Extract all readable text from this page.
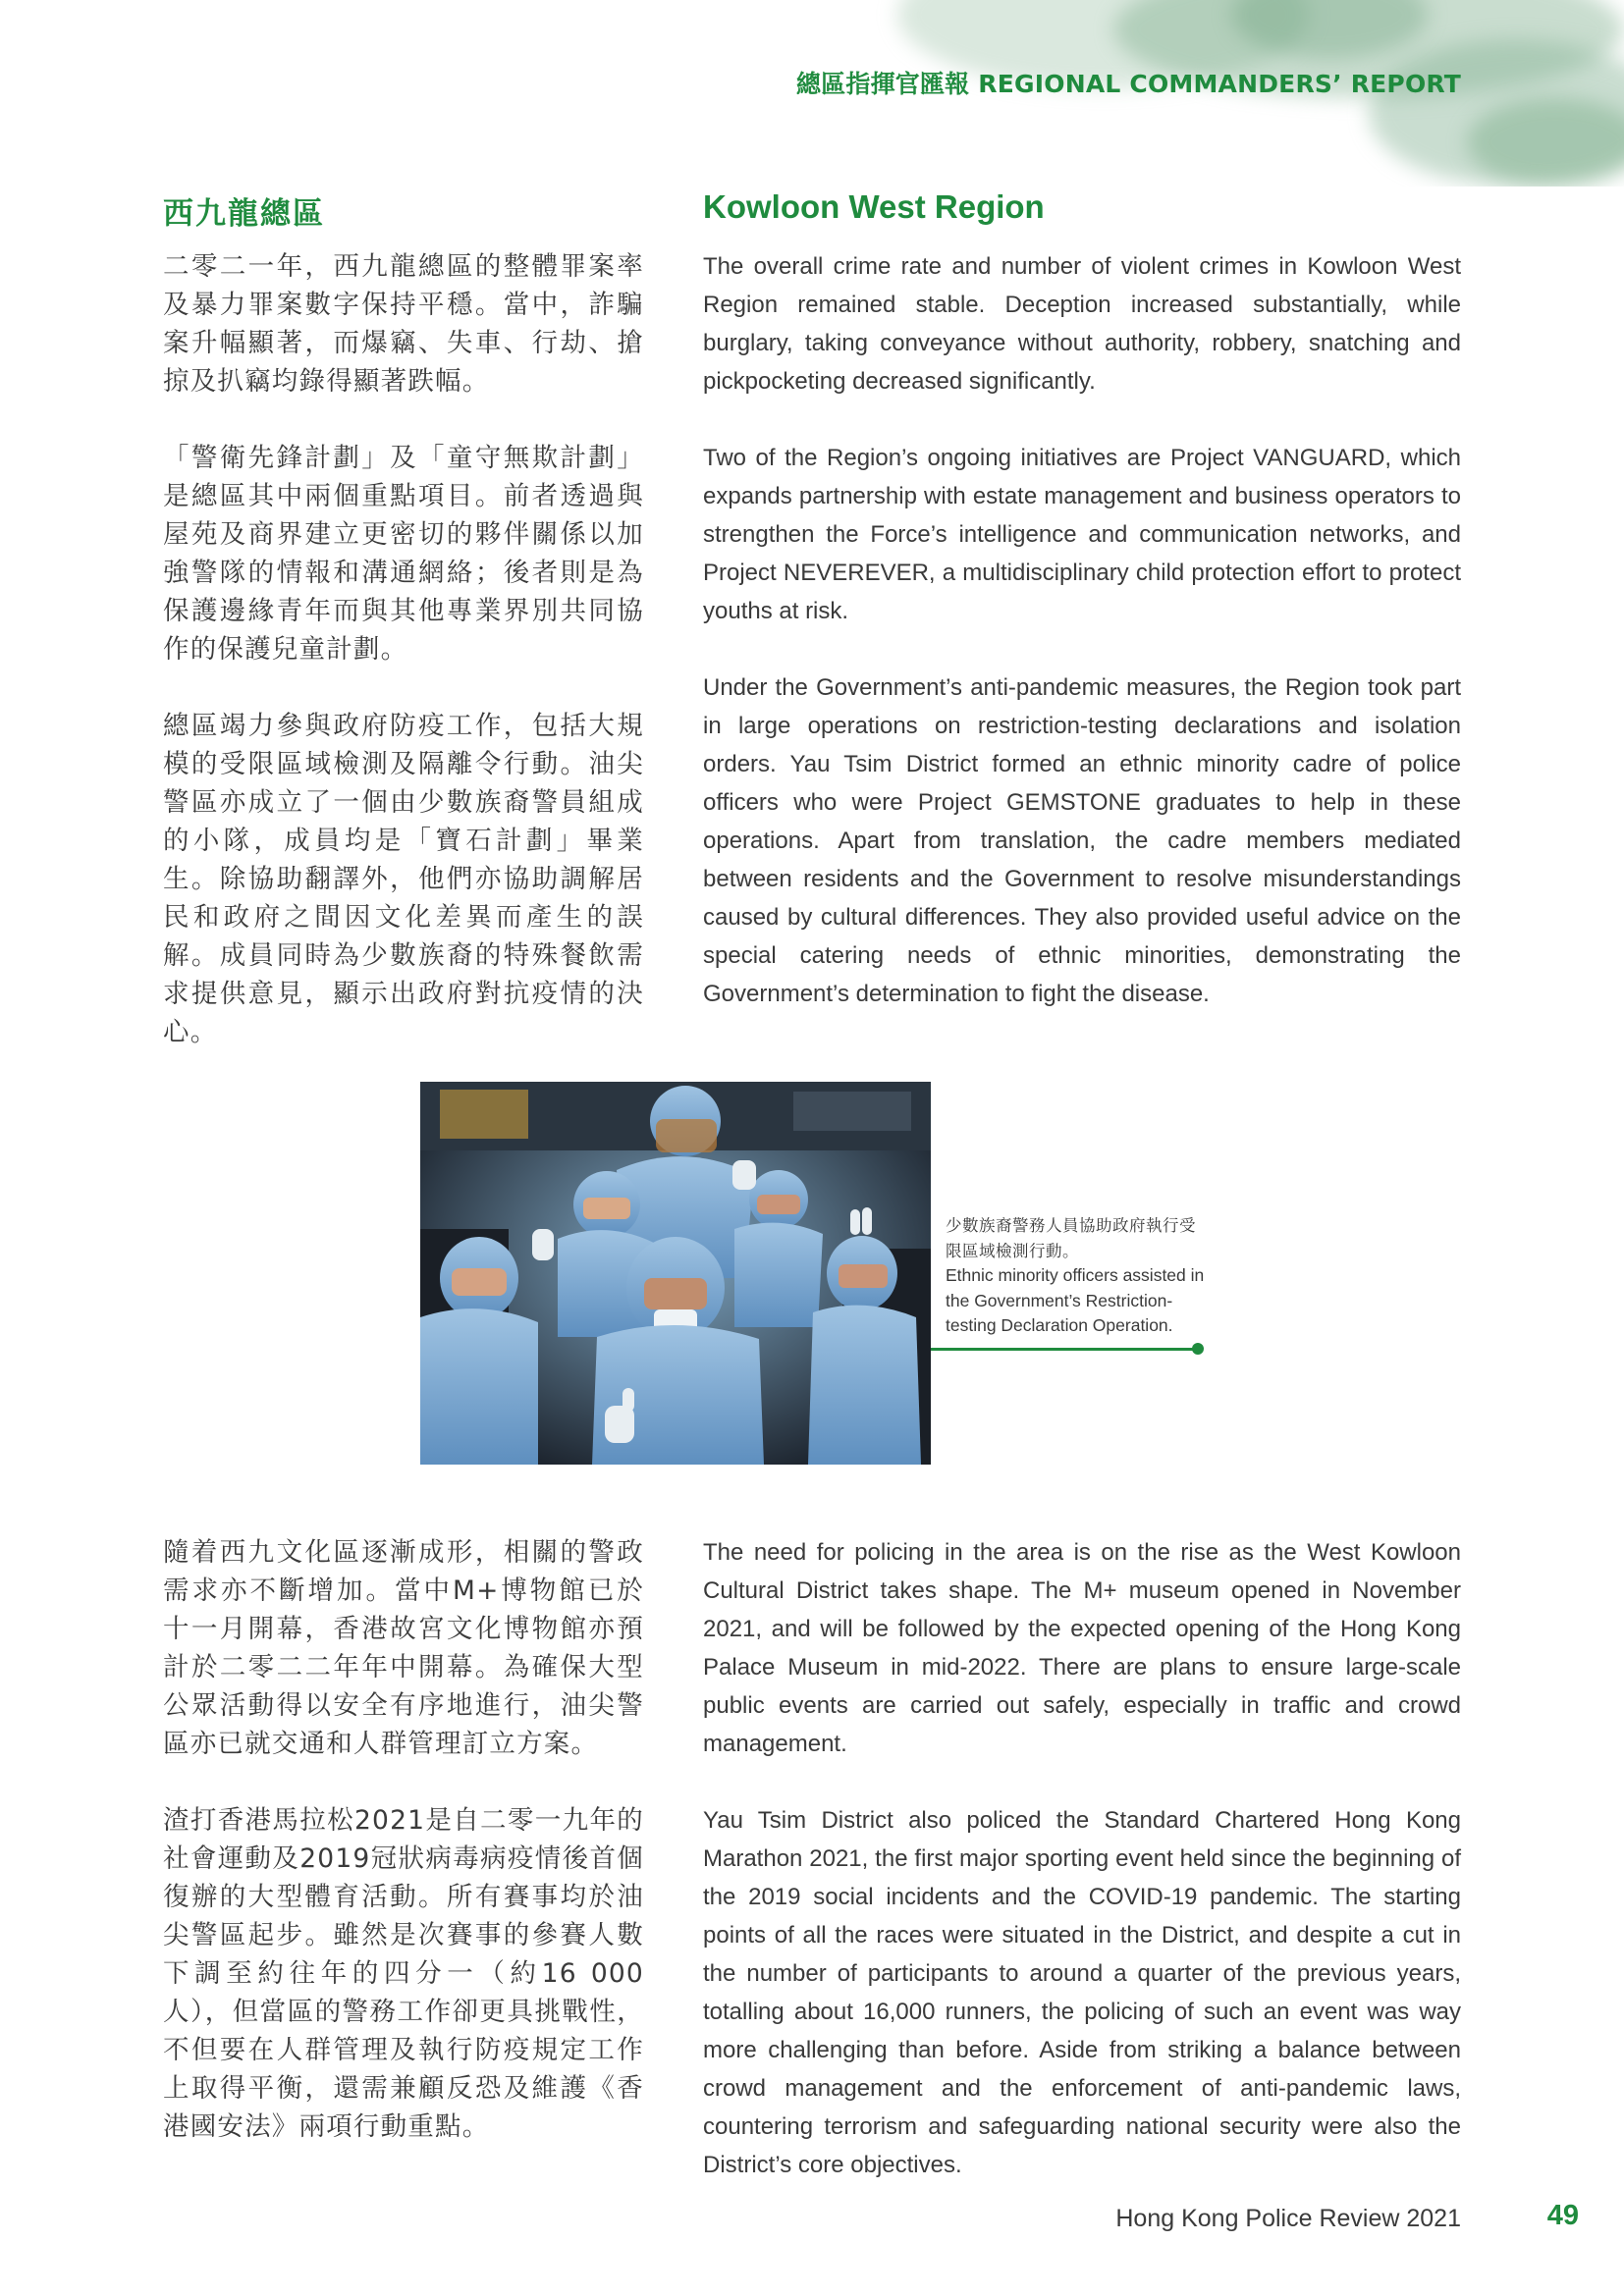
總區指揮官匯報 REGIONAL COMMANDERS’ REPORT
西九龍總區	Kowloon West Region

二零二一年，西九龍總區的整體罪案率及暴力罪案數字保持平穩。當中，詐騙案升幅顯著，而爆竊、失車、行劫、搶掠及扒竊均錄得顯著跌幅。

「警衛先鋒計劃」及「童守無欺計劃」是總區其中兩個重點項目。前者透過與屋苑及商界建立更密切的夥伴關係以加強警隊的情報和溝通網絡；後者則是為保護邊緣青年而與其他專業界別共同協作的保護兒童計劃。

總區竭力參與政府防疫工作，包括大規模的受限區域檢測及隔離令行動。油尖警區亦成立了一個由少數族裔警員組成的小隊，成員均是「寶石計劃」畢業生。除協助翻譯外，他們亦協助調解居民和政府之間因文化差異而產生的誤解。成員同時為少數族裔的特殊餐飲需求提供意見，顯示出政府對抗疫情的決心。

The overall crime rate and number of violent crimes in Kowloon West Region remained stable. Deception increased substantially, while burglary, taking conveyance without authority, robbery, snatching and pickpocketing decreased significantly.

Two of the Region’s ongoing initiatives are Project VANGUARD, which expands partnership with estate management and business operators to strengthen the Force’s intelligence and communication networks, and Project NEVEREVER, a multidisciplinary child protection effort to protect youths at risk.

Under the Government’s anti-pandemic measures, the Region took part in large operations on restriction-testing declarations and isolation orders. Yau Tsim District formed an ethnic minority cadre of police officers who were Project GEMSTONE graduates to help in these operations. Apart from translation, the cadre members mediated between residents and the Government to resolve misunderstandings caused by cultural differences. They also provided useful advice on the special catering needs of ethnic minorities, demonstrating the Government’s determination to fight the disease.

少數族裔警務人員協助政府執行受限區域檢測行動。
Ethnic minority officers assisted in the Government’s Restriction-testing Declaration Operation.

隨着西九文化區逐漸成形，相關的警政需求亦不斷增加。當中M+博物館已於十一月開幕，香港故宮文化博物館亦預計於二零二二年年中開幕。為確保大型公眾活動得以安全有序地進行，油尖警區亦已就交通和人群管理訂立方案。

渣打香港馬拉松2021是自二零一九年的社會運動及2019冠狀病毒病疫情後首個復辦的大型體育活動。所有賽事均於油尖警區起步。雖然是次賽事的參賽人數下調至約往年的四分一（約16 000人），但當區的警務工作卻更具挑戰性，不但要在人群管理及執行防疫規定工作上取得平衡，還需兼顧反恐及維護《香港國安法》兩項行動重點。

The need for policing in the area is on the rise as the West Kowloon Cultural District takes shape. The M+ museum opened in November 2021, and will be followed by the expected opening of the Hong Kong Palace Museum in mid-2022. There are plans to ensure large-scale public events are carried out safely, especially in traffic and crowd management.

Yau Tsim District also policed the Standard Chartered Hong Kong Marathon 2021, the first major sporting event held since the beginning of the 2019 social incidents and the COVID-19 pandemic. The starting points of all the races were situated in the District, and despite a cut in the number of participants to around a quarter of the previous years, totalling about 16,000 runners, the policing of such an event was way more challenging than before. Aside from striking a balance between crowd management and the enforcement of anti-pandemic laws, countering terrorism and safeguarding national security were also the District’s core objectives.

Hong Kong Police Review 2021	49
